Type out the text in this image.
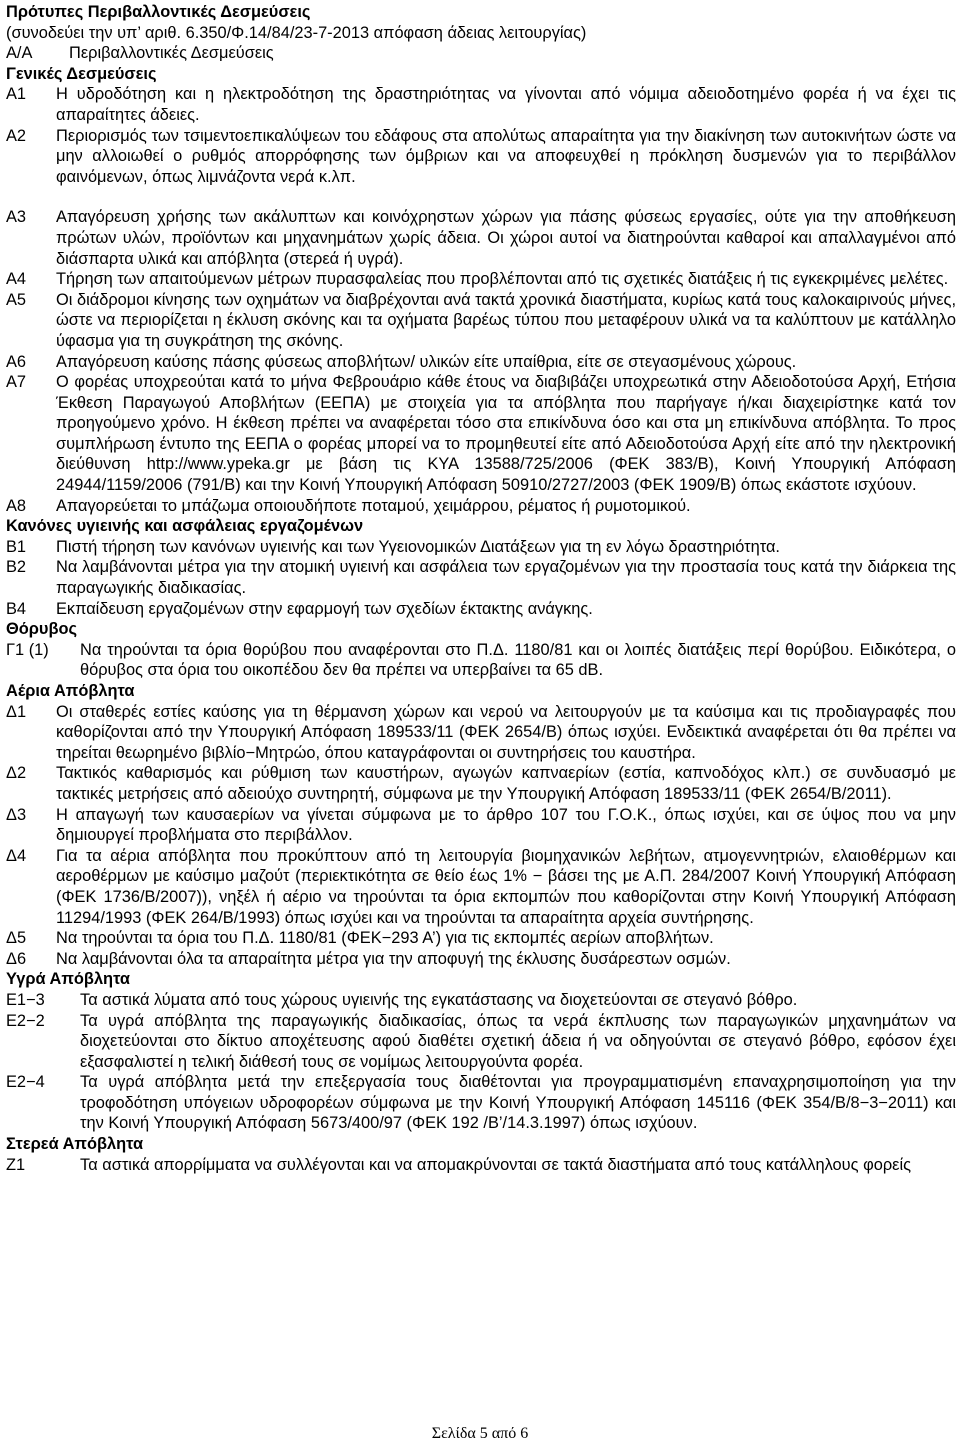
Πρότυπες Περιβαλλοντικές Δεσμεύσεις
(συνοδεύει την υπ’ αριθ. 6.350/Φ.14/84/23-7-2013 απόφαση άδειας λειτουργίας)
Α/Α	Περιβαλλοντικές Δεσμεύσεις
Γενικές Δεσμεύσεις
Α1	Η υδροδότηση και η ηλεκτροδότηση της δραστηριότητας να γίνονται από νόμιμα αδειοδοτημένο φορέα ή να έχει τις απαραίτητες άδειες.
Α2	Περιορισμός των τσιμεντοεπικαλύψεων του εδάφους στα απολύτως απαραίτητα για την διακίνηση των αυτοκινήτων ώστε να μην αλλοιωθεί ο ρυθμός απορρόφησης των όμβριων και να αποφευχθεί η πρόκληση δυσμενών για το περιβάλλον φαινόμενων, όπως λιμνάζοντα νερά κ.λπ.
Α3	Απαγόρευση χρήσης των ακάλυπτων και κοινόχρηστων χώρων για πάσης φύσεως εργασίες, ούτε για την αποθήκευση πρώτων υλών, προϊόντων και μηχανημάτων χωρίς άδεια. Οι χώροι αυτοί να διατηρούνται καθαροί και απαλλαγμένοι από διάσπαρτα υλικά και απόβλητα (στερεά ή υγρά).
Α4	Τήρηση των απαιτούμενων μέτρων πυρασφαλείας που προβλέπονται από τις σχετικές διατάξεις ή τις εγκεκριμένες μελέτες.
Α5	Οι διάδρομοι κίνησης των οχημάτων να διαβρέχονται ανά τακτά χρονικά διαστήματα, κυρίως κατά τους καλοκαιρινούς μήνες, ώστε να περιορίζεται η έκλυση σκόνης και τα οχήματα βαρέως τύπου που μεταφέρουν υλικά να τα καλύπτουν με κατάλληλο ύφασμα για τη συγκράτηση της σκόνης.
Α6	Απαγόρευση καύσης πάσης φύσεως αποβλήτων/ υλικών είτε υπαίθρια, είτε σε στεγασμένους χώρους.
Α7	Ο φορέας υποχρεούται κατά το μήνα Φεβρουάριο κάθε έτους να διαβιβάζει υποχρεωτικά στην Αδειοδοτούσα Αρχή, Ετήσια Έκθεση Παραγωγού Αποβλήτων (ΕΕΠΑ) με στοιχεία για τα απόβλητα που παρήγαγε ή/και διαχειρίστηκε κατά τον προηγούμενο χρόνο. Η έκθεση πρέπει να αναφέρεται τόσο στα επικίνδυνα όσο και στα μη επικίνδυνα απόβλητα. Το προς συμπλήρωση έντυπο της ΕΕΠΑ ο φορέας μπορεί να το προμηθευτεί είτε από Αδειοδοτούσα Αρχή είτε από την ηλεκτρονική διεύθυνση http://www.ypeka.gr με βάση τις ΚΥΑ 13588/725/2006 (ΦΕΚ 383/Β), Κοινή Υπουργική Απόφαση 24944/1159/2006 (791/Β) και την Κοινή Υπουργική Απόφαση 50910/2727/2003 (ΦΕΚ 1909/Β) όπως εκάστοτε ισχύουν.
Α8	Απαγορεύεται το μπάζωμα οποιουδήποτε ποταμού, χειμάρρου, ρέματος ή ρυμοτομικού.
Κανόνες υγιεινής και ασφάλειας εργαζομένων
Β1	Πιστή τήρηση των κανόνων υγιεινής και των Υγειονομικών Διατάξεων για τη εν λόγω δραστηριότητα.
Β2	Να λαμβάνονται μέτρα για την ατομική υγιεινή και ασφάλεια των εργαζομένων για την προστασία τους κατά την διάρκεια της παραγωγικής διαδικασίας.
Β4	Εκπαίδευση εργαζομένων στην εφαρμογή των σχεδίων έκτακτης ανάγκης.
Θόρυβος
Γ1 (1)	Να τηρούνται τα όρια θορύβου που αναφέρονται στο Π.Δ. 1180/81 και οι λοιπές διατάξεις περί θορύβου. Ειδικότερα, ο θόρυβος στα όρια του οικοπέδου δεν θα πρέπει να υπερβαίνει τα 65 dB.
Αέρια Απόβλητα
Δ1	Οι σταθερές εστίες καύσης για τη θέρμανση χώρων και νερού να λειτουργούν με τα καύσιμα και τις προδιαγραφές που καθορίζονται από την Υπουργική Απόφαση 189533/11 (ΦΕΚ 2654/Β) όπως ισχύει. Ενδεικτικά αναφέρεται ότι θα πρέπει να τηρείται θεωρημένο βιβλίο−Μητρώο, όπου καταγράφονται οι συντηρήσεις του καυστήρα.
Δ2	Τακτικός καθαρισμός και ρύθμιση των καυστήρων, αγωγών καπναερίων (εστία, καπνοδόχος κλπ.) σε συνδυασμό με τακτικές μετρήσεις από αδειούχο συντηρητή, σύμφωνα με την Υπουργική Απόφαση 189533/11 (ΦΕΚ 2654/Β/2011).
Δ3	Η απαγωγή των καυσαερίων να γίνεται σύμφωνα με το άρθρο 107 του Γ.Ο.Κ., όπως ισχύει, και σε ύψος που να μην δημιουργεί προβλήματα στο περιβάλλον.
Δ4	Για τα αέρια απόβλητα που προκύπτουν από τη λειτουργία βιομηχανικών λεβήτων, ατμογεννητριών, ελαιοθέρμων και αεροθέρμων με καύσιμο μαζούτ (περιεκτικότητα σε θείο έως 1% − βάσει της με Α.Π. 284/2007 Κοινή Υπουργική Απόφαση (ΦΕΚ 1736/Β/2007)), νηξέλ ή αέριο να τηρούνται τα όρια εκπομπών που καθορίζονται στην Κοινή Υπουργική Απόφαση 11294/1993 (ΦΕΚ 264/Β/1993) όπως ισχύει και να τηρούνται τα απαραίτητα αρχεία συντήρησης.
Δ5	Να τηρούνται τα όρια του Π.Δ. 1180/81 (ΦΕΚ−293 Α’) για τις εκπομπές αερίων αποβλήτων.
Δ6	Να λαμβάνονται όλα τα απαραίτητα μέτρα για την αποφυγή της έκλυσης δυσάρεστων οσμών.
Υγρά Απόβλητα
Ε1−3	Τα αστικά λύματα από τους χώρους υγιεινής της εγκατάστασης να διοχετεύονται σε στεγανό βόθρο.
Ε2−2	Τα υγρά απόβλητα της παραγωγικής διαδικασίας, όπως τα νερά έκπλυσης των παραγωγικών μηχανημάτων να διοχετεύονται στο δίκτυο αποχέτευσης αφού διαθέτει σχετική άδεια ή να οδηγούνται σε στεγανό βόθρο, εφόσον έχει εξασφαλιστεί η τελική διάθεσή τους σε νομίμως λειτουργούντα φορέα.
Ε2−4	Τα υγρά απόβλητα μετά την επεξεργασία τους διαθέτονται για προγραμματισμένη επαναχρησιμοποίηση για την τροφοδότηση υπόγειων υδροφορέων σύμφωνα με την Κοινή Υπουργική Απόφαση 145116 (ΦΕΚ 354/Β/8−3−2011) και την Κοινή Υπουργική Απόφαση 5673/400/97 (ΦΕΚ 192 /Β’/14.3.1997) όπως ισχύουν.
Στερεά Απόβλητα
Ζ1	Τα αστικά απορρίμματα να συλλέγονται και να απομακρύνονται σε τακτά διαστήματα από τους κατάλληλους φορείς
Σελίδα 5 από 6
